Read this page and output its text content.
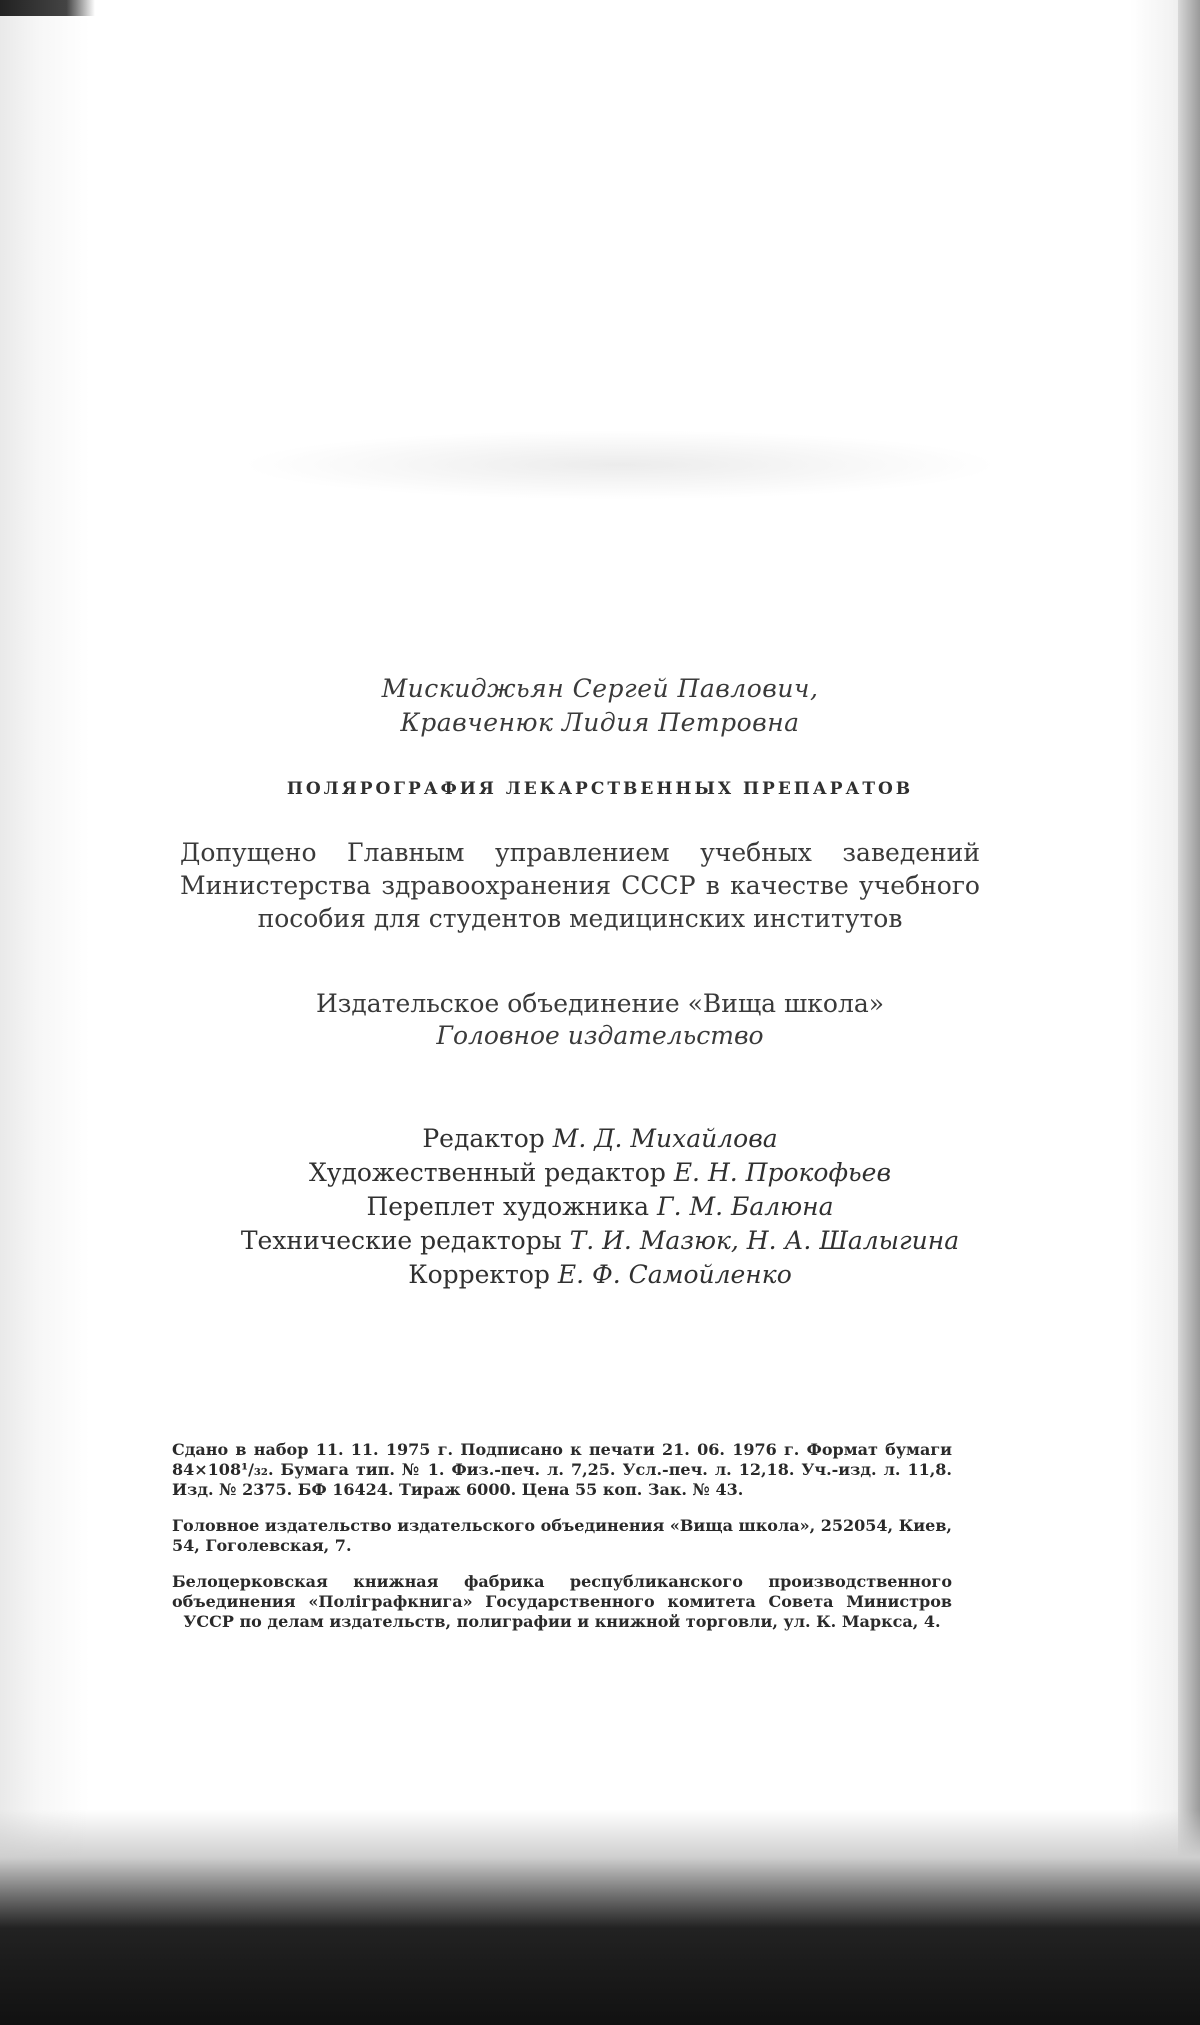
Мискиджьян Сергей Павлович,
Кравченюк Лидия Петровна
ПОЛЯРОГРАФИЯ ЛЕКАРСТВЕННЫХ ПРЕПАРАТОВ
Допущено Главным управлением учебных заведений Министерства здравоохранения СССР в качестве учебного пособия для студентов медицинских институтов
Издательское объединение «Вища школа»
Головное издательство
Редактор М. Д. Михайлова
Художественный редактор Е. Н. Прокофьев
Переплет художника Г. М. Балюна
Технические редакторы Т. И. Мазюк, Н. А. Шалыгина
Корректор Е. Ф. Самойленко

Сдано в набор 11. 11. 1975 г. Подписано к печати 21. 06. 1976 г. Формат бумаги 84×108¹/₃₂. Бумага тип. № 1. Физ.-печ. л. 7,25. Усл.-печ. л. 12,18. Уч.-изд. л. 11,8. Изд. № 2375. БФ 16424. Тираж 6000. Цена 55 коп. Зак. № 43.

Головное издательство издательского объединения «Вища школа», 252054, Киев, 54, Гоголевская, 7.

Белоцерковская книжная фабрика республиканского производственного объединения «Поліграфкнига» Государственного комитета Совета Министров УССР по делам издательств, полиграфии и книжной торговли, ул. К. Маркса, 4.
